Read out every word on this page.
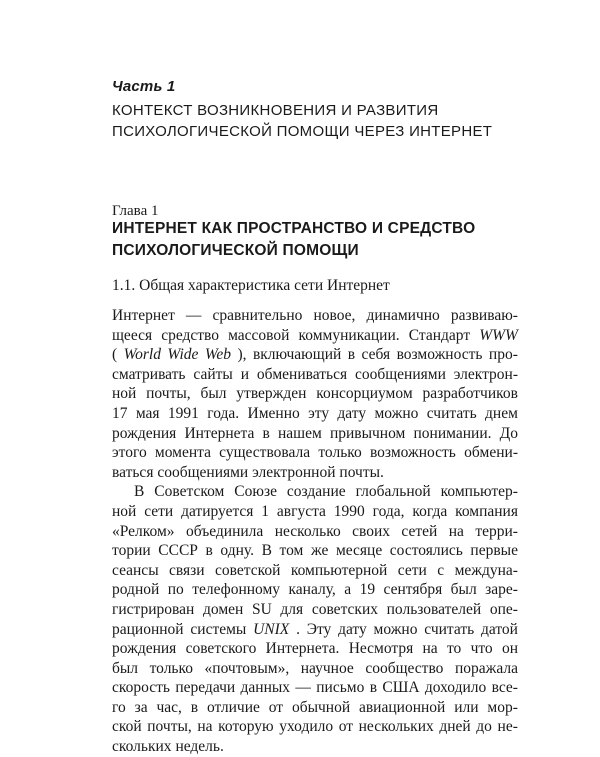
Часть 1
КОНТЕКСТ ВОЗНИКНОВЕНИЯ И РАЗВИТИЯ
ПСИХОЛОГИЧЕСКОЙ ПОМОЩИ ЧЕРЕЗ ИНТЕРНЕТ
Глава 1
ИНТЕРНЕТ КАК ПРОСТРАНСТВО И СРЕДСТВО
ПСИХОЛОГИЧЕСКОЙ ПОМОЩИ
1.1. Общая характеристика сети Интернет
Интернет — сравнительно новое, динамично развиваю-
щееся средство массовой коммуникации. Стандарт WWW
( World Wide Web ), включающий в себя возможность про-
сматривать сайты и обмениваться сообщениями электрон-
ной почты, был утвержден консорциумом разработчиков
17 мая 1991 года. Именно эту дату можно считать днем
рождения Интернета в нашем привычном понимании. До
этого момента существовала только возможность обмени-
ваться сообщениями электронной почты.
В Советском Союзе создание глобальной компьютер-
ной сети датируется 1 августа 1990 года, когда компания
«Релком» объединила несколько своих сетей на терри-
тории СССР в одну. В том же месяце состоялись первые
сеансы связи советской компьютерной сети с междуна-
родной по телефонному каналу, а 19 сентября был заре-
гистрирован домен SU для советских пользователей опе-
рационной системы UNIX . Эту дату можно считать датой
рождения советского Интернета. Несмотря на то что он
был только «почтовым», научное сообщество поражала
скорость передачи данных — письмо в США доходило все-
го за час, в отличие от обычной авиационной или мор-
ской почты, на которую уходило от нескольких дней до не-
скольких недель.
